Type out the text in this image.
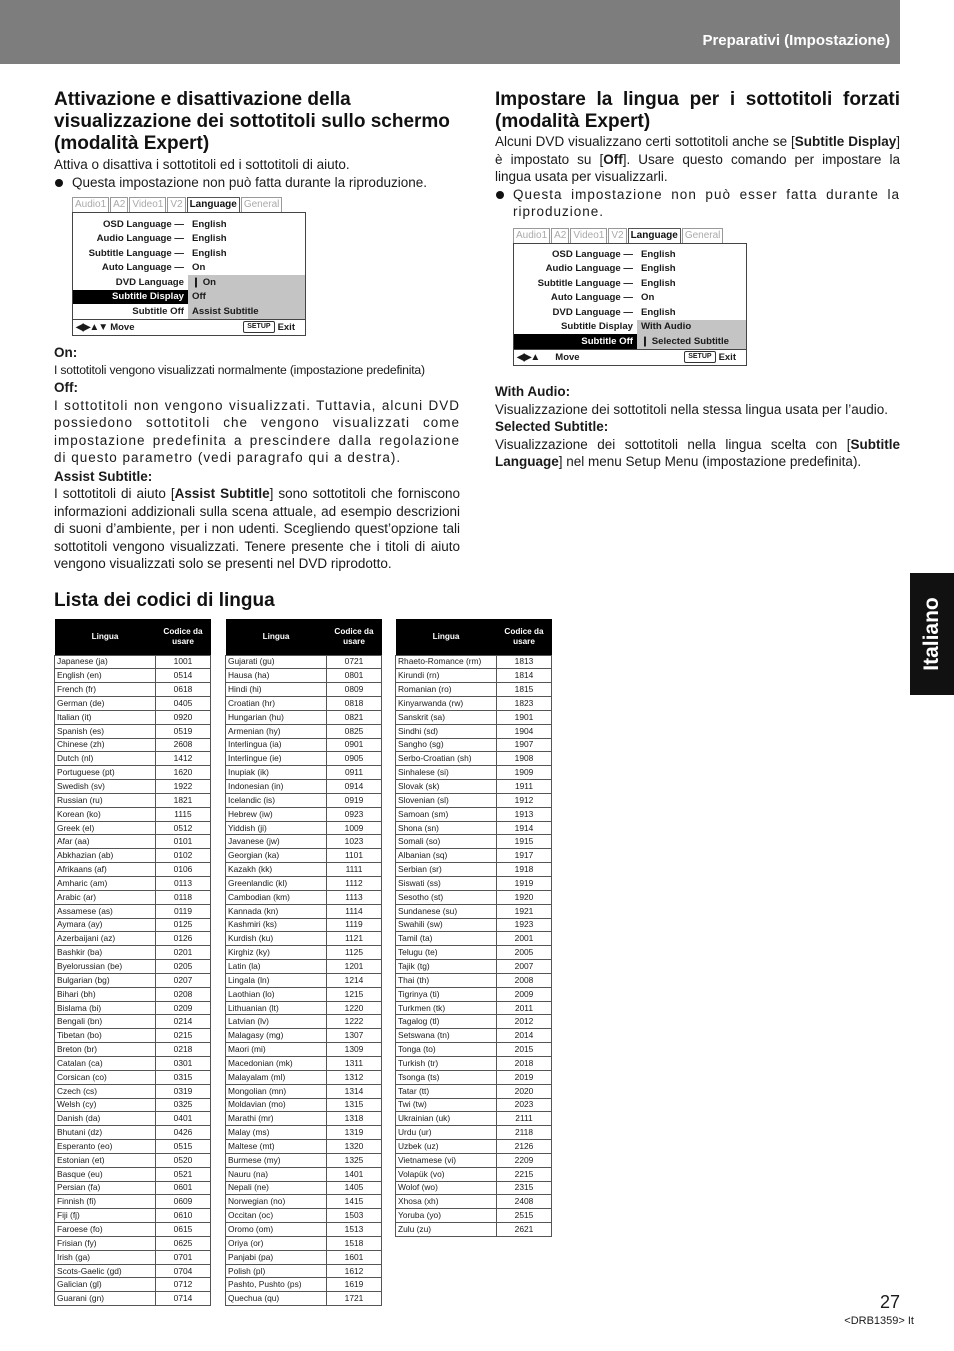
Preparativi (Impostazione)
Italiano
Attivazione e disattivazione della visualizzazione dei sottotitoli sullo schermo (modalità Expert)

Attiva o disattiva i sottotitoli ed i sottotitoli di aiuto.

Questa impostazione non può fatta durante la riproduzione.

Audio1 A2 Video1 V2 Language General
OSD Language — English
Audio Language — English
Subtitle Language — English
Auto Language — On
DVD Language ❙ On
Subtitle Display Off
Subtitle Off Assist Subtitle
◀▶▲▼ Move	SETUP Exit

On:

I sottotitoli vengono visualizzati normalmente (impostazione predefinita)

Off:

I sottotitoli non vengono visualizzati. Tuttavia, alcuni DVD possiedono sottotitoli che vengono visualizzati come impostazione predefinita a prescindere dalla regolazione di questo parametro (vedi paragrafo qui a destra).

Assist Subtitle:

I sottotitoli di aiuto [Assist Subtitle] sono sottotitoli che forniscono informazioni addizionali sulla scena attuale, ad esempio descrizioni di suoni d’ambiente, per i non udenti. Scegliendo quest’opzione tali sottotitoli vengono visualizzati. Tenere presente che i titoli di aiuto vengono visualizzati solo se presenti nel DVD riprodotto.

Impostare la lingua per i sottotitoli forzati (modalità Expert)

Alcuni DVD visualizzano certi sottotitoli anche se [Subtitle Display] è impostato su [Off]. Usare questo comando per impostare la lingua usata per visualizzarli.

Questa impostazione non può esser fatta durante la riproduzione.

Audio1 A2 Video1 V2 Language General
OSD Language — English
Audio Language — English
Subtitle Language — English
Auto Language — On
DVD Language — English
Subtitle Display With Audio
Subtitle Off ❙ Selected Subtitle
◀▶▲ Move	SETUP Exit

With Audio:

Visualizzazione dei sottotitoli nella stessa lingua usata per l’audio.

Selected Subtitle:

Visualizzazione dei sottotitoli nella lingua scelta con [Subtitle Language] nel menu Setup Menu (impostazione predefinita).

Lista dei codici di lingua
Lingua	Codice da usare
Japanese (ja)	1001
English (en)	0514
French (fr)	0618
German (de)	0405
Italian (it)	0920
Spanish (es)	0519
Chinese (zh)	2608
Dutch (nl)	1412
Portuguese (pt)	1620
Swedish (sv)	1922
Russian (ru)	1821
Korean (ko)	1115
Greek (el)	0512
Afar (aa)	0101
Abkhazian (ab)	0102
Afrikaans (af)	0106
Amharic (am)	0113
Arabic (ar)	0118
Assamese (as)	0119
Aymara (ay)	0125
Azerbaijani (az)	0126
Bashkir (ba)	0201
Byelorussian (be)	0205
Bulgarian (bg)	0207
Bihari (bh)	0208
Bislama (bi)	0209
Bengali (bn)	0214
Tibetan (bo)	0215
Breton (br)	0218
Catalan (ca)	0301
Corsican (co)	0315
Czech (cs)	0319
Welsh (cy)	0325
Danish (da)	0401
Bhutani (dz)	0426
Esperanto (eo)	0515
Estonian (et)	0520
Basque (eu)	0521
Persian (fa)	0601
Finnish (fi)	0609
Fiji (fj)	0610
Faroese (fo)	0615
Frisian (fy)	0625
Irish (ga)	0701
Scots-Gaelic (gd)	0704
Galician (gl)	0712
Guarani (gn)	0714
Lingua	Codice da usare
Gujarati (gu)	0721
Hausa (ha)	0801
Hindi (hi)	0809
Croatian (hr)	0818
Hungarian (hu)	0821
Armenian (hy)	0825
Interlingua (ia)	0901
Interlingue (ie)	0905
Inupiak (ik)	0911
Indonesian (in)	0914
Icelandic (is)	0919
Hebrew (iw)	0923
Yiddish (ji)	1009
Javanese (jw)	1023
Georgian (ka)	1101
Kazakh (kk)	1111
Greenlandic (kl)	1112
Cambodian (km)	1113
Kannada (kn)	1114
Kashmiri (ks)	1119
Kurdish (ku)	1121
Kirghiz (ky)	1125
Latin (la)	1201
Lingala (ln)	1214
Laothian (lo)	1215
Lithuanian (lt)	1220
Latvian (lv)	1222
Malagasy (mg)	1307
Maori (mi)	1309
Macedonian (mk)	1311
Malayalam (ml)	1312
Mongolian (mn)	1314
Moldavian (mo)	1315
Marathi (mr)	1318
Malay (ms)	1319
Maltese (mt)	1320
Burmese (my)	1325
Nauru (na)	1401
Nepali (ne)	1405
Norwegian (no)	1415
Occitan (oc)	1503
Oromo (om)	1513
Oriya (or)	1518
Panjabi (pa)	1601
Polish (pl)	1612
Pashto, Pushto (ps)	1619
Quechua (qu)	1721
Lingua	Codice da usare
Rhaeto-Romance (rm)	1813
Kirundi (rn)	1814
Romanian (ro)	1815
Kinyarwanda (rw)	1823
Sanskrit (sa)	1901
Sindhi (sd)	1904
Sangho (sg)	1907
Serbo-Croatian (sh)	1908
Sinhalese (si)	1909
Slovak (sk)	1911
Slovenian (sl)	1912
Samoan (sm)	1913
Shona (sn)	1914
Somali (so)	1915
Albanian (sq)	1917
Serbian (sr)	1918
Siswati (ss)	1919
Sesotho (st)	1920
Sundanese (su)	1921
Swahili (sw)	1923
Tamil (ta)	2001
Telugu (te)	2005
Tajik (tg)	2007
Thai (th)	2008
Tigrinya (ti)	2009
Turkmen (tk)	2011
Tagalog (tl)	2012
Setswana (tn)	2014
Tonga (to)	2015
Turkish (tr)	2018
Tsonga (ts)	2019
Tatar (tt)	2020
Twi (tw)	2023
Ukrainian (uk)	2111
Urdu (ur)	2118
Uzbek (uz)	2126
Vietnamese (vi)	2209
Volapük (vo)	2215
Wolof (wo)	2315
Xhosa (xh)	2408
Yoruba (yo)	2515
Zulu (zu)	2621
27
<DRB1359> It
